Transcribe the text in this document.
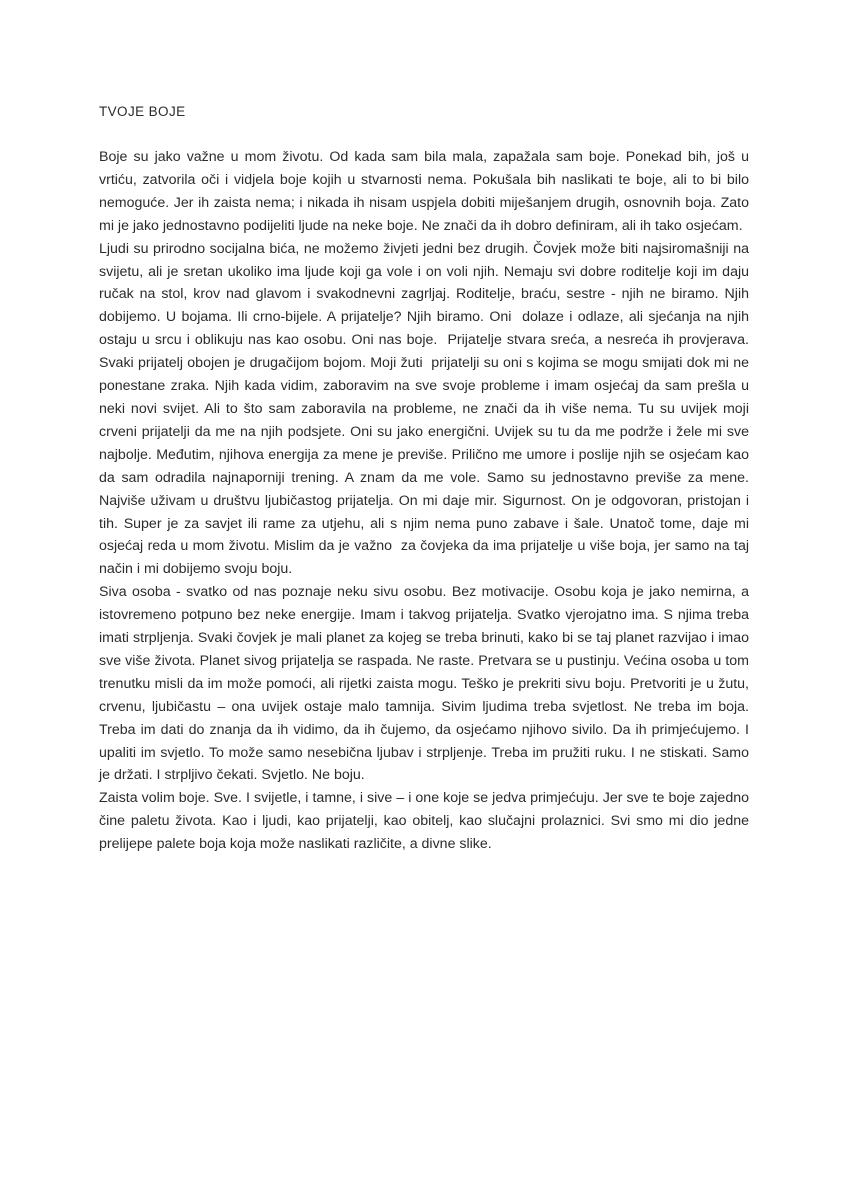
TVOJE BOJE

Boje su jako važne u mom životu. Od kada sam bila mala, zapažala sam boje. Ponekad bih, još u vrtiću, zatvorila oči i vidjela boje kojih u stvarnosti nema. Pokušala bih naslikati te boje, ali to bi bilo nemoguće. Jer ih zaista nema; i nikada ih nisam uspjela dobiti miješanjem drugih, osnovnih boja. Zato mi je jako jednostavno podijeliti ljude na neke boje. Ne znači da ih dobro definiram, ali ih tako osjećam.

Ljudi su prirodno socijalna bića, ne možemo živjeti jedni bez drugih. Čovjek može biti najsiromašniji na svijetu, ali je sretan ukoliko ima ljude koji ga vole i on voli njih. Nemaju svi dobre roditelje koji im daju ručak na stol, krov nad glavom i svakodnevni zagrljaj. Roditelje, braću, sestre - njih ne biramo. Njih dobijemo. U bojama. Ili crno-bijele. A prijatelje? Njih biramo. Oni  dolaze i odlaze, ali sjećanja na njih ostaju u srcu i oblikuju nas kao osobu. Oni nas boje.  Prijatelje stvara sreća, a nesreća ih provjerava.  Svaki prijatelj obojen je drugačijom bojom. Moji žuti  prijatelji su oni s kojima se mogu smijati dok mi ne ponestane zraka. Njih kada vidim, zaboravim na sve svoje probleme i imam osjećaj da sam prešla u neki novi svijet. Ali to što sam zaboravila na probleme, ne znači da ih više nema. Tu su uvijek moji crveni prijatelji da me na njih podsjete. Oni su jako energični. Uvijek su tu da me podrže i žele mi sve najbolje. Međutim, njihova energija za mene je previše. Prilično me umore i poslije njih se osjećam kao da sam odradila najnaporniji trening. A znam da me vole. Samo su jednostavno previše za mene. Najviše uživam u društvu ljubičastog prijatelja. On mi daje mir. Sigurnost. On je odgovoran, pristojan i tih. Super je za savjet ili rame za utjehu, ali s njim nema puno zabave i šale. Unatoč tome, daje mi osjećaj reda u mom životu. Mislim da je važno  za čovjeka da ima prijatelje u više boja, jer samo na taj način i mi dobijemo svoju boju.

Siva osoba - svatko od nas poznaje neku sivu osobu. Bez motivacije. Osobu koja je jako nemirna, a istovremeno potpuno bez neke energije. Imam i takvog prijatelja. Svatko vjerojatno ima. S njima treba imati strpljenja. Svaki čovjek je mali planet za kojeg se treba brinuti, kako bi se taj planet razvijao i imao sve više života. Planet sivog prijatelja se raspada. Ne raste. Pretvara se u pustinju. Većina osoba u tom trenutku misli da im može pomoći, ali rijetki zaista mogu. Teško je prekriti sivu boju. Pretvoriti je u žutu, crvenu, ljubičastu – ona uvijek ostaje malo tamnija. Sivim ljudima treba svjetlost. Ne treba im boja. Treba im dati do znanja da ih vidimo, da ih čujemo, da osjećamo njihovo sivilo. Da ih primjećujemo. I upaliti im svjetlo. To može samo nesebična ljubav i strpljenje. Treba im pružiti ruku. I ne stiskati. Samo je držati. I strpljivo čekati. Svjetlo. Ne boju.

Zaista volim boje. Sve. I svijetle, i tamne, i sive – i one koje se jedva primjećuju. Jer sve te boje zajedno čine paletu života. Kao i ljudi, kao prijatelji, kao obitelj, kao slučajni prolaznici. Svi smo mi dio jedne prelijepe palete boja koja može naslikati različite, a divne slike.
